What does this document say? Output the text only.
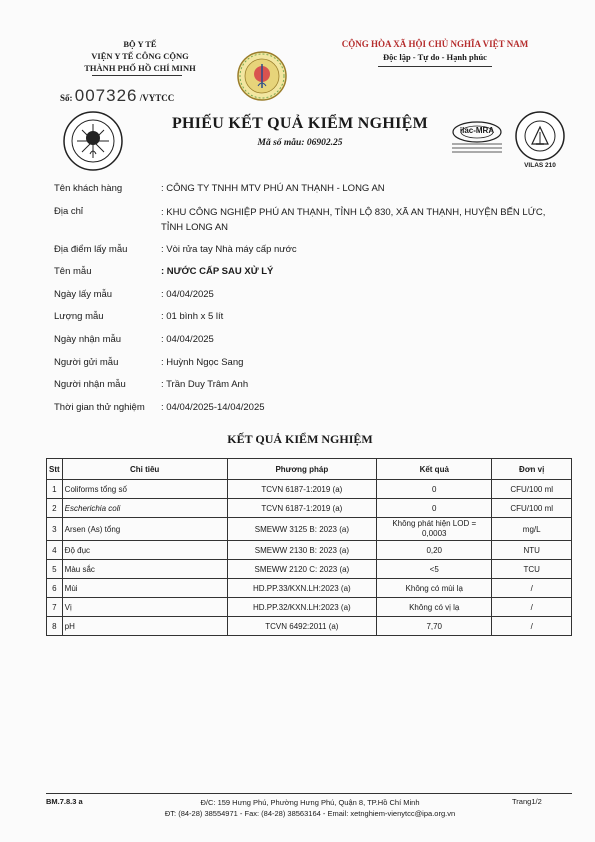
BỘ Y TẾ
VIỆN Y TẾ CÔNG CỘNG
THÀNH PHỐ HỒ CHÍ MINH
Số: 007326 /VYTCC
CỘNG HÒA XÃ HỘI CHỦ NGHĨA VIỆT NAM
Độc lập - Tự do - Hạnh phúc
PHIẾU KẾT QUẢ KIỂM NGHIỆM
Mã số mẫu: 06902.25
ilac-MRA
VILAS 210
Tên khách hàng	: CÔNG TY TNHH MTV PHÚ AN THẠNH - LONG AN
Địa chỉ	: KHU CÔNG NGHIỆP PHÚ AN THẠNH, TỈNH LỘ 830, XÃ AN THẠNH, HUYỆN BẾN LỨC, TỈNH LONG AN
Địa điểm lấy mẫu	: Vòi rửa tay Nhà máy cấp nước
Tên mẫu	: NƯỚC CẤP SAU XỬ LÝ
Ngày lấy mẫu	: 04/04/2025
Lượng mẫu	: 01 bình x 5 lít
Ngày nhận mẫu	: 04/04/2025
Người gửi mẫu	: Huỳnh Ngọc Sang
Người nhận mẫu	: Trần Duy Trâm Anh
Thời gian thử nghiệm	: 04/04/2025-14/04/2025
KẾT QUẢ KIỂM NGHIỆM
Stt	Chỉ tiêu	Phương pháp	Kết quả	Đơn vị
1	Coliforms tổng số	TCVN 6187-1:2019 (a)	0	CFU/100 ml
2	Escherichia coli	TCVN 6187-1:2019 (a)	0	CFU/100 ml
3	Arsen (As) tổng	SMEWW 3125 B: 2023 (a)	Không phát hiện LOD = 0,0003	mg/L
4	Độ đục	SMEWW 2130 B: 2023 (a)	0,20	NTU
5	Màu sắc	SMEWW 2120 C: 2023 (a)	<5	TCU
6	Mùi	HD.PP.33/KXN.LH:2023 (a)	Không có mùi lạ	/
7	Vị	HD.PP.32/KXN.LH:2023 (a)	Không có vị lạ	/
8	pH	TCVN 6492:2011 (a)	7,70	/
BM.7.8.3 a	Đ/C: 159 Hưng Phú, Phường Hưng Phú, Quận 8, TP.Hồ Chí Minh
ĐT: (84-28) 38554971 - Fax: (84-28) 38563164 - Email: xetnghiem-vienytcc@ipa.org.vn
Trang1/2
